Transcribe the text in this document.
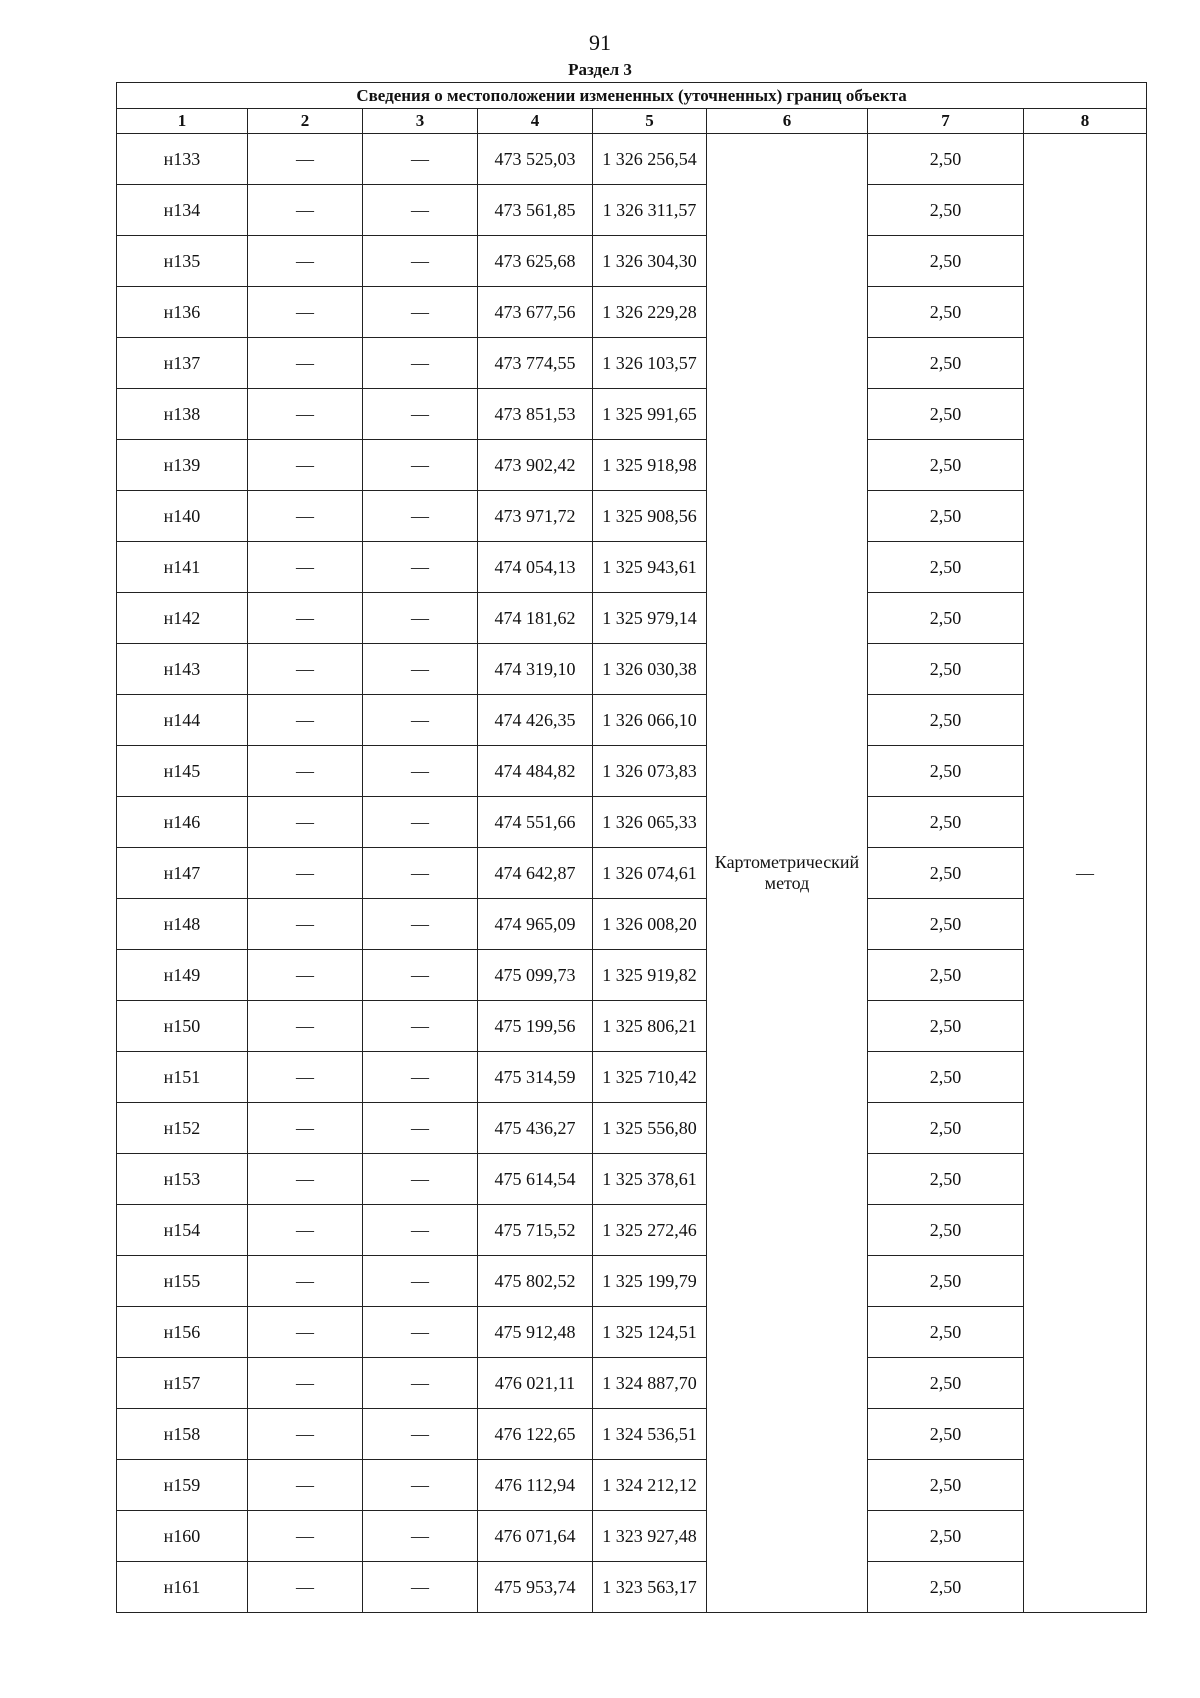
91
Раздел 3
Сведения о местоположении измененных (уточненных) границ объекта							
1	2	3	4	5	6	7	8
н133	—	—	473 525,03	1 326 256,54	Картометрический метод	2,50	—
н134	—	—	473 561,85	1 326 311,57		2,50	
н135	—	—	473 625,68	1 326 304,30		2,50	
н136	—	—	473 677,56	1 326 229,28		2,50	
н137	—	—	473 774,55	1 326 103,57		2,50	
н138	—	—	473 851,53	1 325 991,65		2,50	
н139	—	—	473 902,42	1 325 918,98		2,50	
н140	—	—	473 971,72	1 325 908,56		2,50	
н141	—	—	474 054,13	1 325 943,61		2,50	
н142	—	—	474 181,62	1 325 979,14		2,50	
н143	—	—	474 319,10	1 326 030,38		2,50	
н144	—	—	474 426,35	1 326 066,10		2,50	
н145	—	—	474 484,82	1 326 073,83		2,50	
н146	—	—	474 551,66	1 326 065,33		2,50	
н147	—	—	474 642,87	1 326 074,61		2,50	
н148	—	—	474 965,09	1 326 008,20		2,50	
н149	—	—	475 099,73	1 325 919,82		2,50	
н150	—	—	475 199,56	1 325 806,21		2,50	
н151	—	—	475 314,59	1 325 710,42		2,50	
н152	—	—	475 436,27	1 325 556,80		2,50	
н153	—	—	475 614,54	1 325 378,61		2,50	
н154	—	—	475 715,52	1 325 272,46		2,50	
н155	—	—	475 802,52	1 325 199,79		2,50	
н156	—	—	475 912,48	1 325 124,51		2,50	
н157	—	—	476 021,11	1 324 887,70		2,50	
н158	—	—	476 122,65	1 324 536,51		2,50	
н159	—	—	476 112,94	1 324 212,12		2,50	
н160	—	—	476 071,64	1 323 927,48		2,50	
н161	—	—	475 953,74	1 323 563,17		2,50	
